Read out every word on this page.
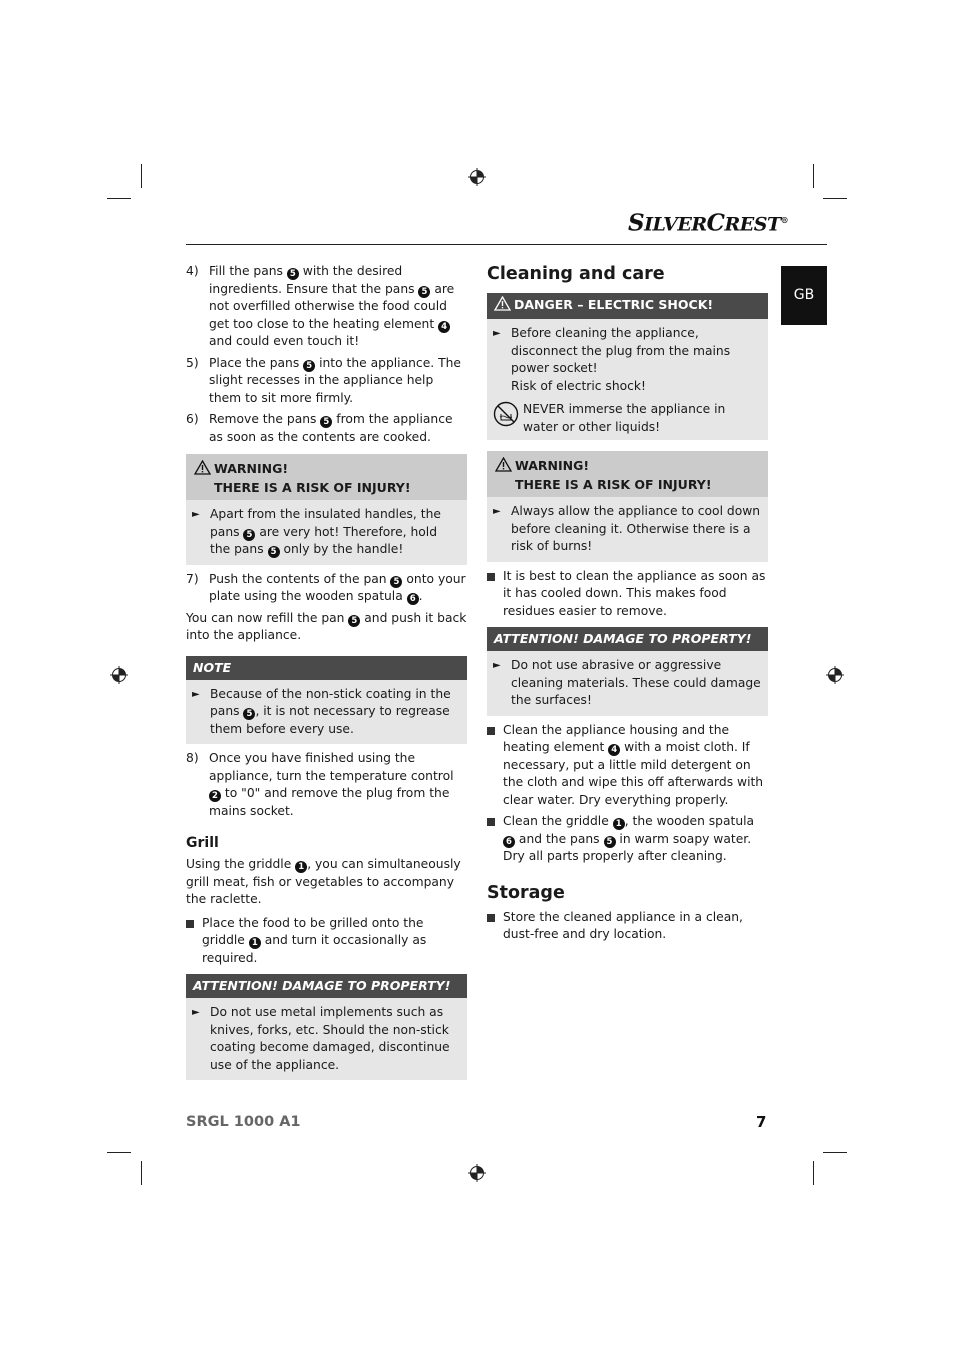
SILVERCREST®
GB
4) Fill the pans 5 with the desired ingredients. Ensure that the pans 5 are not overfilled otherwise the food could get too close to the heating element 4 and could even touch it!
5) Place the pans 5 into the appliance. The slight recesses in the appliance help them to sit more firmly.
6) Remove the pans 5 from the appliance as soon as the contents are cooked.
WARNING!
THERE IS A RISK OF INJURY!
► Apart from the insulated handles, the pans 5 are very hot! Therefore, hold the pans 5 only by the handle!
7) Push the contents of the pan 5 onto your plate using the wooden spatula 6 .
You can now refill the pan 5 and push it back into the appliance.
NOTE
► Because of the non-stick coating in the pans 5 , it is not necessary to regrease them before every use.
8) Once you have finished using the appliance, turn the temperature control 2 to "0" and remove the plug from the mains socket.
Grill
Using the griddle 1 , you can simultaneously grill meat, fish or vegetables to accompany the raclette.
Place the food to be grilled onto the griddle 1 and turn it occasionally as required.
ATTENTION! DAMAGE TO PROPERTY!
► Do not use metal implements such as knives, forks, etc. Should the non-stick coating become damaged, discontinue use of the appliance.
Cleaning and care
DANGER – ELECTRIC SHOCK!
► Before cleaning the appliance, disconnect the plug from the mains power socket!
Risk of electric shock!
NEVER immerse the appliance in water or other liquids!
WARNING!
THERE IS A RISK OF INJURY!
► Always allow the appliance to cool down before cleaning it. Otherwise there is a risk of burns!
It is best to clean the appliance as soon as it has cooled down. This makes food residues easier to remove.
ATTENTION! DAMAGE TO PROPERTY!
► Do not use abrasive or aggressive cleaning materials. These could damage the surfaces!
Clean the appliance housing and the heating element 4 with a moist cloth. If necessary, put a little mild detergent on the cloth and wipe this off afterwards with clear water. Dry everything properly.
Clean the griddle 1 , the wooden spatula 6 and the pans 5 in warm soapy water. Dry all parts properly after cleaning.
Storage
Store the cleaned appliance in a clean, dust-free and dry location.
SRGL 1000 A1	7
